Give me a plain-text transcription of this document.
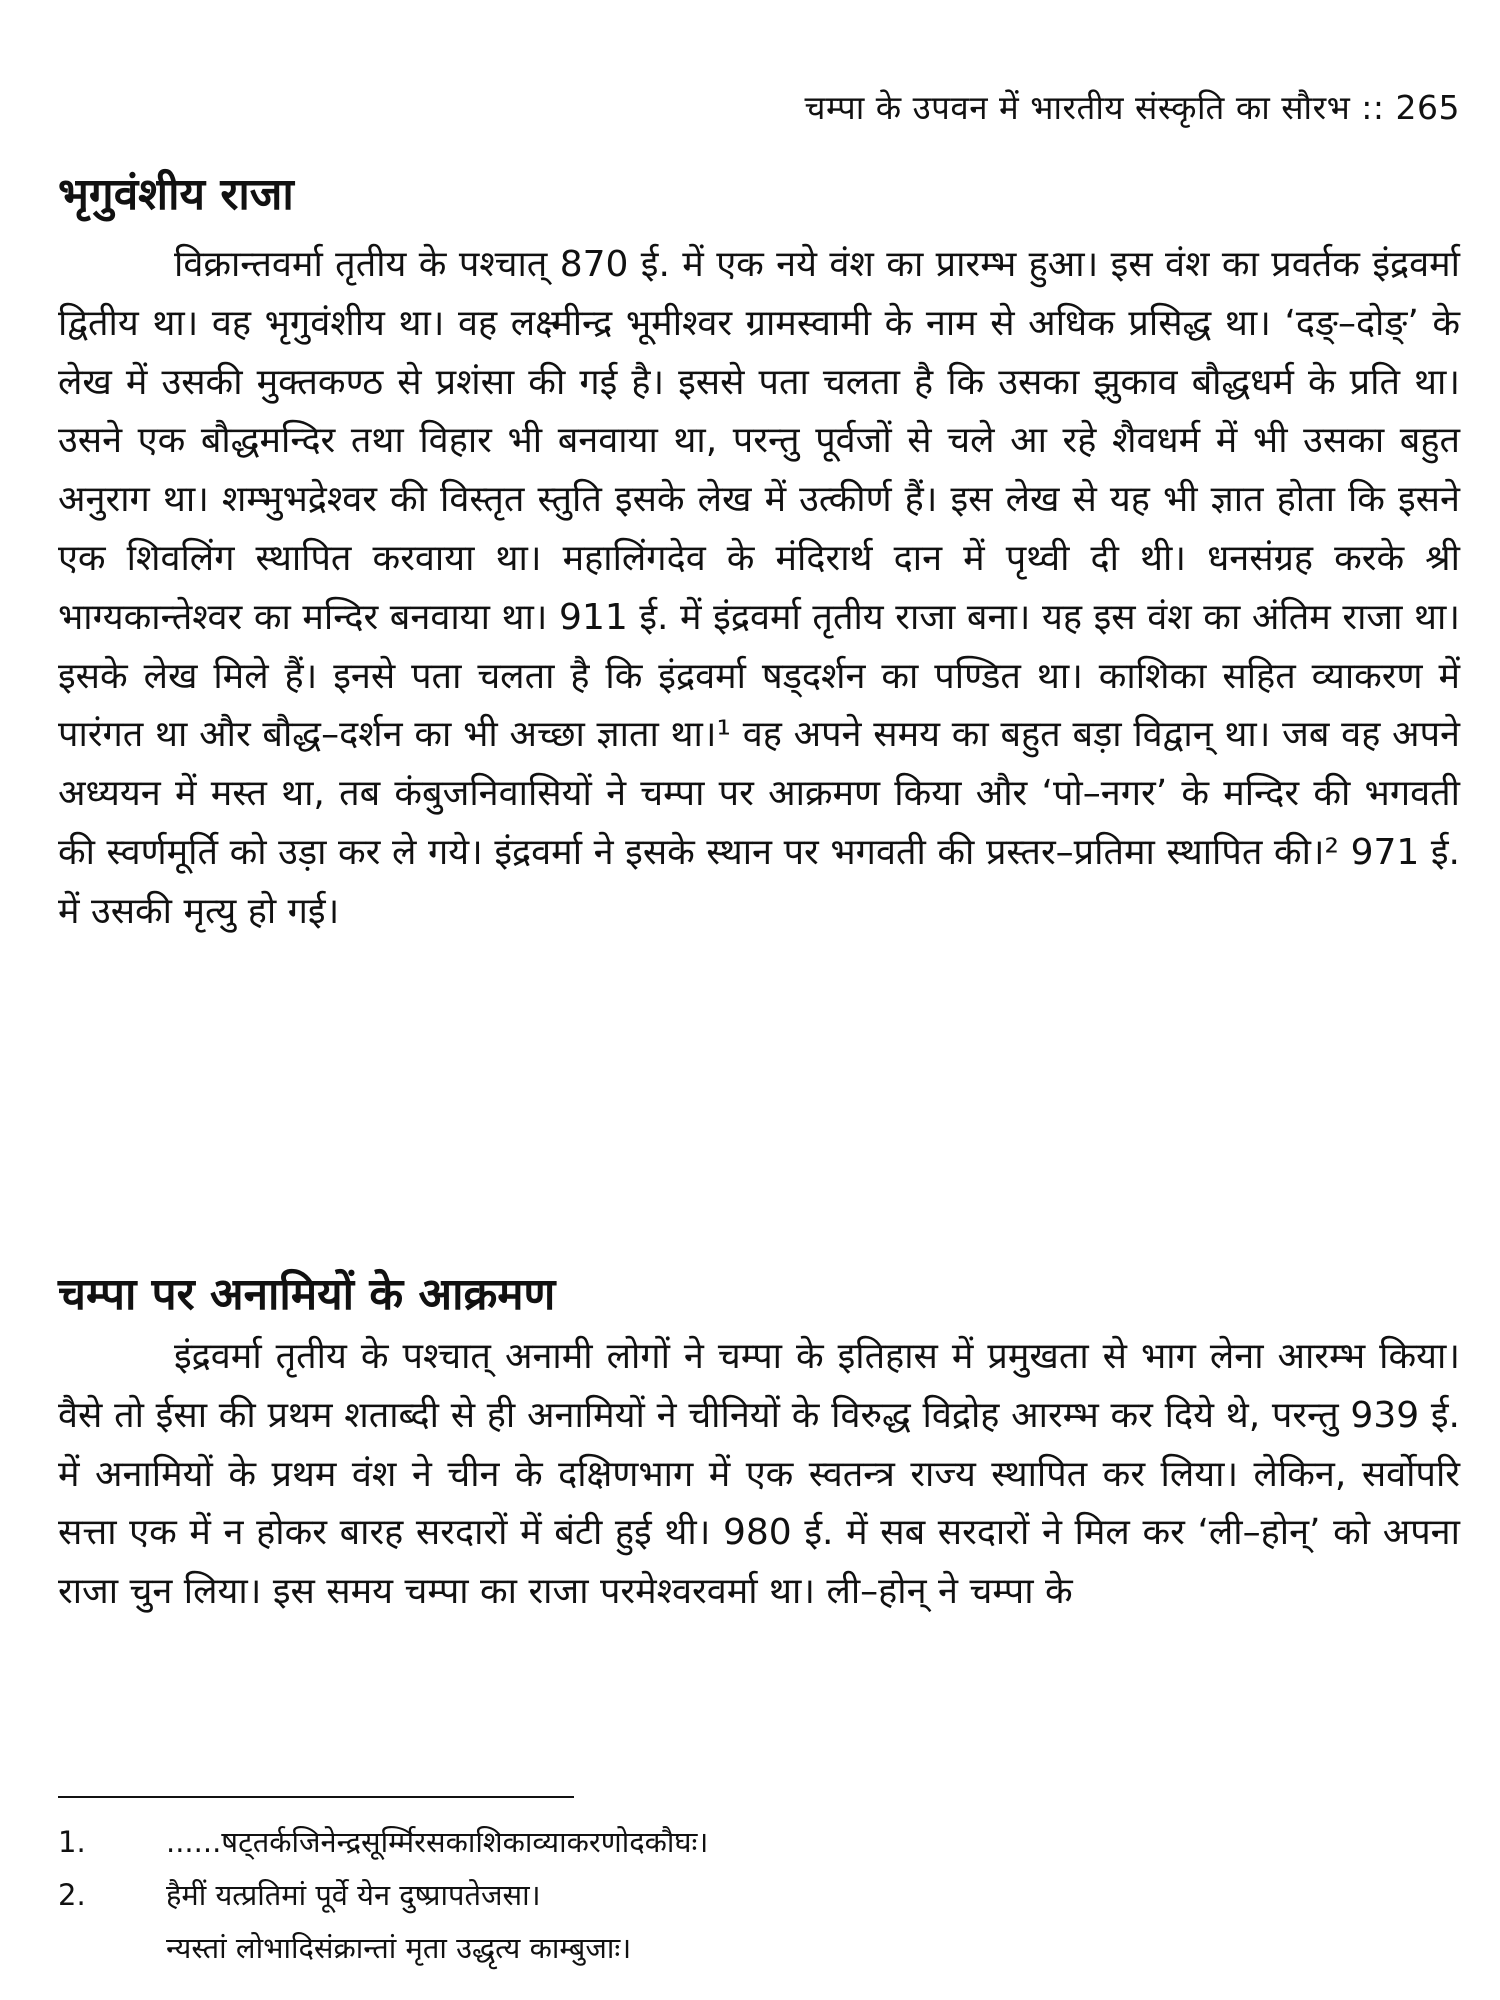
चम्पा के उपवन में भारतीय संस्कृति का सौरभ :: 265
भृगुवंशीय राजा

विक्रान्तवर्मा तृतीय के पश्चात् 870 ई. में एक नये वंश का प्रारम्भ हुआ। इस वंश का प्रवर्तक इंद्रवर्मा द्वितीय था। वह भृगुवंशीय था। वह लक्ष्मीन्द्र भूमीश्वर ग्रामस्वामी के नाम से अधिक प्रसिद्ध था। ‘दङ्–दोङ्’ के लेख में उसकी मुक्तकण्ठ से प्रशंसा की गई है। इससे पता चलता है कि उसका झुकाव बौद्धधर्म के प्रति था। उसने एक बौद्धमन्दिर तथा विहार भी बनवाया था, परन्तु पूर्वजों से चले आ रहे शैवधर्म में भी उसका बहुत अनुराग था। शम्भुभद्रेश्वर की विस्तृत स्तुति इसके लेख में उत्कीर्ण हैं। इस लेख से यह भी ज्ञात होता कि इसने एक शिवलिंग स्थापित करवाया था। महालिंगदेव के मंदिरार्थ दान में पृथ्वी दी थी। धनसंग्रह करके श्री भाग्यकान्तेश्वर का मन्दिर बनवाया था। 911 ई. में इंद्रवर्मा तृतीय राजा बना। यह इस वंश का अंतिम राजा था। इसके लेख मिले हैं। इनसे पता चलता है कि इंद्रवर्मा षड्दर्शन का पण्डित था। काशिका सहित व्याकरण में पारंगत था और बौद्ध–दर्शन का भी अच्छा ज्ञाता था।¹ वह अपने समय का बहुत बड़ा विद्वान् था। जब वह अपने अध्ययन में मस्त था, तब कंबुजनिवासियों ने चम्पा पर आक्रमण किया और ‘पो–नगर’ के मन्दिर की भगवती की स्वर्णमूर्ति को उड़ा कर ले गये। इंद्रवर्मा ने इसके स्थान पर भगवती की प्रस्तर–प्रतिमा स्थापित की।² 971 ई. में उसकी मृत्यु हो गई।

चम्पा पर अनामियों के आक्रमण

इंद्रवर्मा तृतीय के पश्चात् अनामी लोगों ने चम्पा के इतिहास में प्रमुखता से भाग लेना आरम्भ किया। वैसे तो ईसा की प्रथम शताब्दी से ही अनामियों ने चीनियों के विरुद्ध विद्रोह आरम्भ कर दिये थे, परन्तु 939 ई. में अनामियों के प्रथम वंश ने चीन के दक्षिणभाग में एक स्वतन्त्र राज्य स्थापित कर लिया। लेकिन, सर्वोपरि सत्ता एक में न होकर बारह सरदारों में बंटी हुई थी। 980 ई. में सब सरदारों ने मिल कर ‘ली–होन्’ को अपना राजा चुन लिया। इस समय चम्पा का राजा परमेश्वरवर्मा था। ली–होन् ने चम्पा के

1.	......षट्तर्कजिनेन्द्रसूर्म्मिरसकाशिकाव्याकरणोदकौघः।
2.	हैमीं यत्प्रतिमां पूर्वे येन दुष्प्रापतेजसा।
न्यस्तां लोभादिसंक्रान्तां मृता उद्धृत्य काम्बुजाः।
